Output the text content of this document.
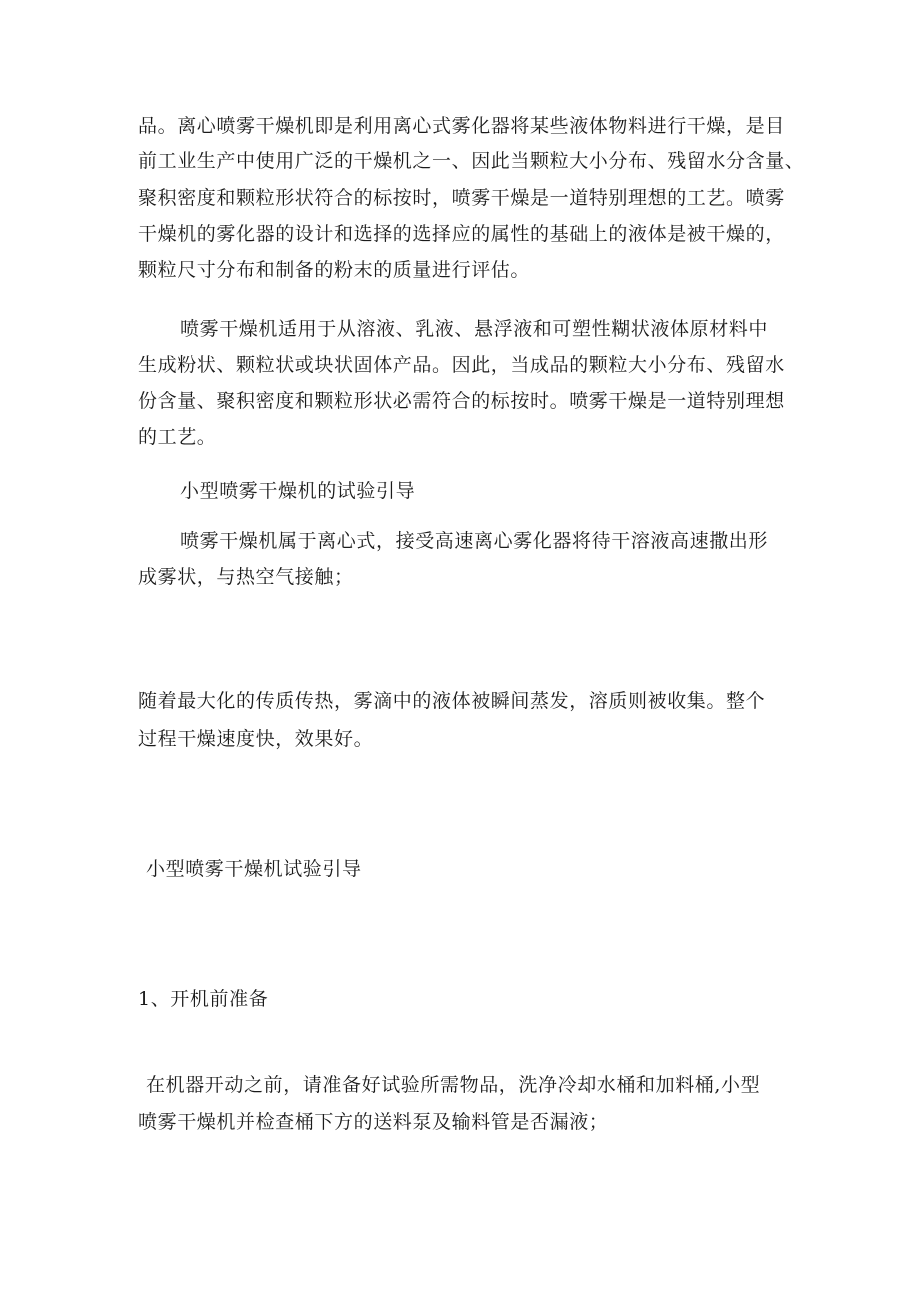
品。离心喷雾干燥机即是利用离心式雾化器将某些液体物料进行干燥，是目
前工业生产中使用广泛的干燥机之一、因此当颗粒大小分布、残留水分含量、
聚积密度和颗粒形状符合的标按时，喷雾干燥是一道特别理想的工艺。喷雾
干燥机的雾化器的设计和选择的选择应的属性的基础上的液体是被干燥的，
颗粒尺寸分布和制备的粉末的质量进行评估。
喷雾干燥机适用于从溶液、乳液、悬浮液和可塑性糊状液体原材料中
生成粉状、颗粒状或块状固体产品。因此，当成品的颗粒大小分布、残留水
份含量、聚积密度和颗粒形状必需符合的标按时。喷雾干燥是一道特别理想
的工艺。
小型喷雾干燥机的试验引导
喷雾干燥机属于离心式，接受高速离心雾化器将待干溶液高速撒出形
成雾状，与热空气接触；
随着最大化的传质传热，雾滴中的液体被瞬间蒸发，溶质则被收集。整个
过程干燥速度快，效果好。
小型喷雾干燥机试验引导
1、开机前准备
在机器开动之前，请准备好试验所需物品，洗净冷却水桶和加料桶,小型
喷雾干燥机并检查桶下方的送料泵及输料管是否漏液；
